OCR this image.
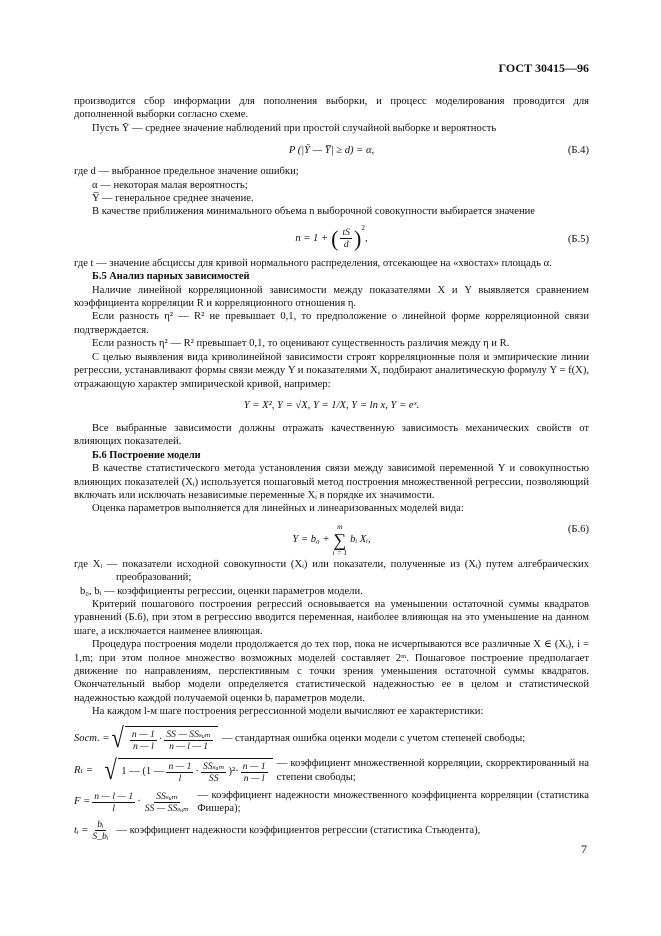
ГОСТ 30415—96

производится сбор информации для пополнения выборки, и процесс моделирования проводится для дополненной выборки согласно схеме.

Пусть Ȳ — среднее значение наблюдений при простой случайной выборке и вероятность

P (|Ȳ — Y̅| ≥ d) = α,	(Б.4)

где d — выбранное предельное значение ошибки;

α — некоторая малая вероятность;

Y̅ — генеральное среднее значение.

В качестве приближения минимального объема n выборочной совокупности выбирается значение

n = 1 + ( $\frac{tS}{d} )^2$
,	(Б.5)

где t — значение абсциссы для кривой нормального распределения, отсекающее на «хвостах» площадь α.

Б.5 Анализ парных зависимостей

Наличие линейной корреляционной зависимости между показателями X и Y выявляется сравнением коэффициента корреляции R и корреляционного отношения η.

Если разность η² — R² не превышает 0,1, то предположение о линейной форме корреляционной связи подтверждается.

Если разность η² — R² превышает 0,1, то оценивают существенность различия между η и R.

С целью выявления вида криволинейной зависимости строят корреляционные поля и эмпирические линии регрессии, устанавливают формы связи между Y и показателями X, подбирают аналитическую формулу Y = f(X), отражающую характер эмпирической кривой, например:

Y = X², Y = √X, Y = 1/X, Y = ln x, Y = eˣ.

Все выбранные зависимости должны отражать качественную зависимость механических свойств от влияющих показателей.

Б.6 Построение модели

В качестве статистического метода установления связи между зависимой переменной Y и совокупностью влияющих показателей (Xᵢ) используется пошаговый метод построения множественной регрессии, позволяющий включать или исключать независимые переменные Xᵢ в порядке их значимости.

Оценка параметров выполняется для линейных и линеаризованных моделей вида:

Y = b₀ +
m
∑
i = 1
bᵢ Xᵢ,
(Б.6)

где Xᵢ — показатели исходной совокупности (Xᵢ) или показатели, полученные из (Xᵢ) путем алгебраических преобразований;

b₀, bᵢ — коэффициенты регрессии, оценки параметров модели.

Критерий пошагового построения регрессий основывается на уменьшении остаточной суммы квадратов уравнений (Б.6), при этом в регрессию вводится переменная, наиболее влияющая на это уменьшение на данном шаге, а исключается наименее влияющая.

Процедура построения модели продолжается до тех пор, пока не исчерпываются все различные X ∈ (Xᵢ), i = 1,m; при этом полное множество возможных моделей составляет 2ᵐ. Пошаговое построение предполагает движение по направлениям, перспективным с точки зрения уменьшения остаточной суммы квадратов. Окончательный выбор модели определяется статистической надежностью ее в целом и статистической надежностью каждой получаемой оценки bᵢ параметров модели.

На каждом l-м шаге построения регрессионной модели вычисляют ее характеристики:

Sост. = √ $\frac{n — 1}{n — l} \cdot \frac{\text{SS — SSₛᵤₘ}}{n — l — 1}$ — стандартная ошибка оценки модели с учетом степеней свободы;
Rₗ = √ 1 — (1 — $\frac{n — 1}{l} \cdot \frac{\text{SSₛᵤₘ}}{SS} )^2 \cdot \frac{n — 1}{n — l}$ — коэффициент множественной корреляции, скорректированный на степени свободы;
$F = \frac{n — l — 1}{l} \cdot \frac{\text{SSₛᵤₘ}}{\text{SS — SSₛᵤₘ}}$ — коэффициент надежности множественного коэффициента корреляции (статистика Фишера);
tᵢ = $\frac{\text{bᵢ}}{\text{S\_bᵢ}}$ — коэффициент надежности коэффициентов регрессии (статистика Стьюдента),
7
